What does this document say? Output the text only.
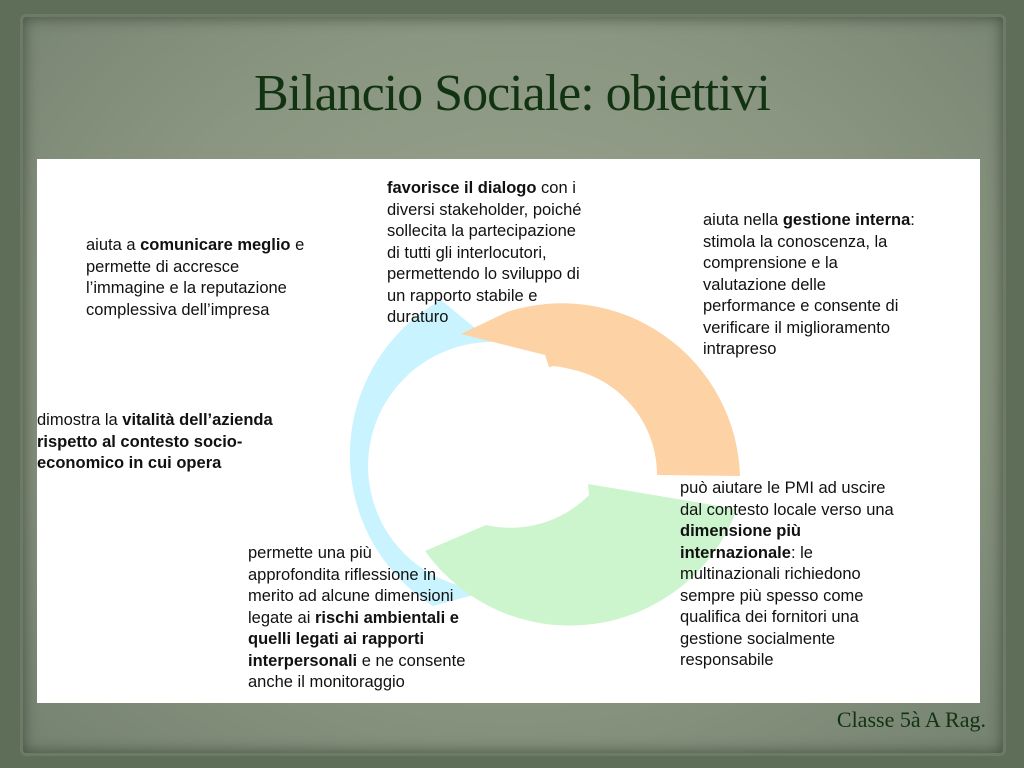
Bilancio Sociale: obiettivi
favorisce il dialogo con i
diversi stakeholder, poiché
sollecita la partecipazione
di tutti gli interlocutori,
permettendo lo sviluppo di
un rapporto stabile e
duraturo
aiuta a comunicare meglio e
permette di accresce
l’immagine e la reputazione
complessiva dell’impresa
aiuta nella gestione interna:
stimola la conoscenza, la
comprensione e la
valutazione delle
performance e consente di
verificare il miglioramento
intrapreso
dimostra la vitalità dell’azienda
rispetto al contesto socio-
economico in cui opera
può aiutare le PMI ad uscire
dal contesto locale verso una
dimensione più
internazionale: le
multinazionali richiedono
sempre più spesso come
qualifica dei fornitori una
gestione socialmente
responsabile
permette una più
approfondita riflessione in
merito ad alcune dimensioni
legate ai rischi ambientali e
quelli legati ai rapporti
interpersonali e ne consente
anche il monitoraggio
Classe 5à A Rag.
